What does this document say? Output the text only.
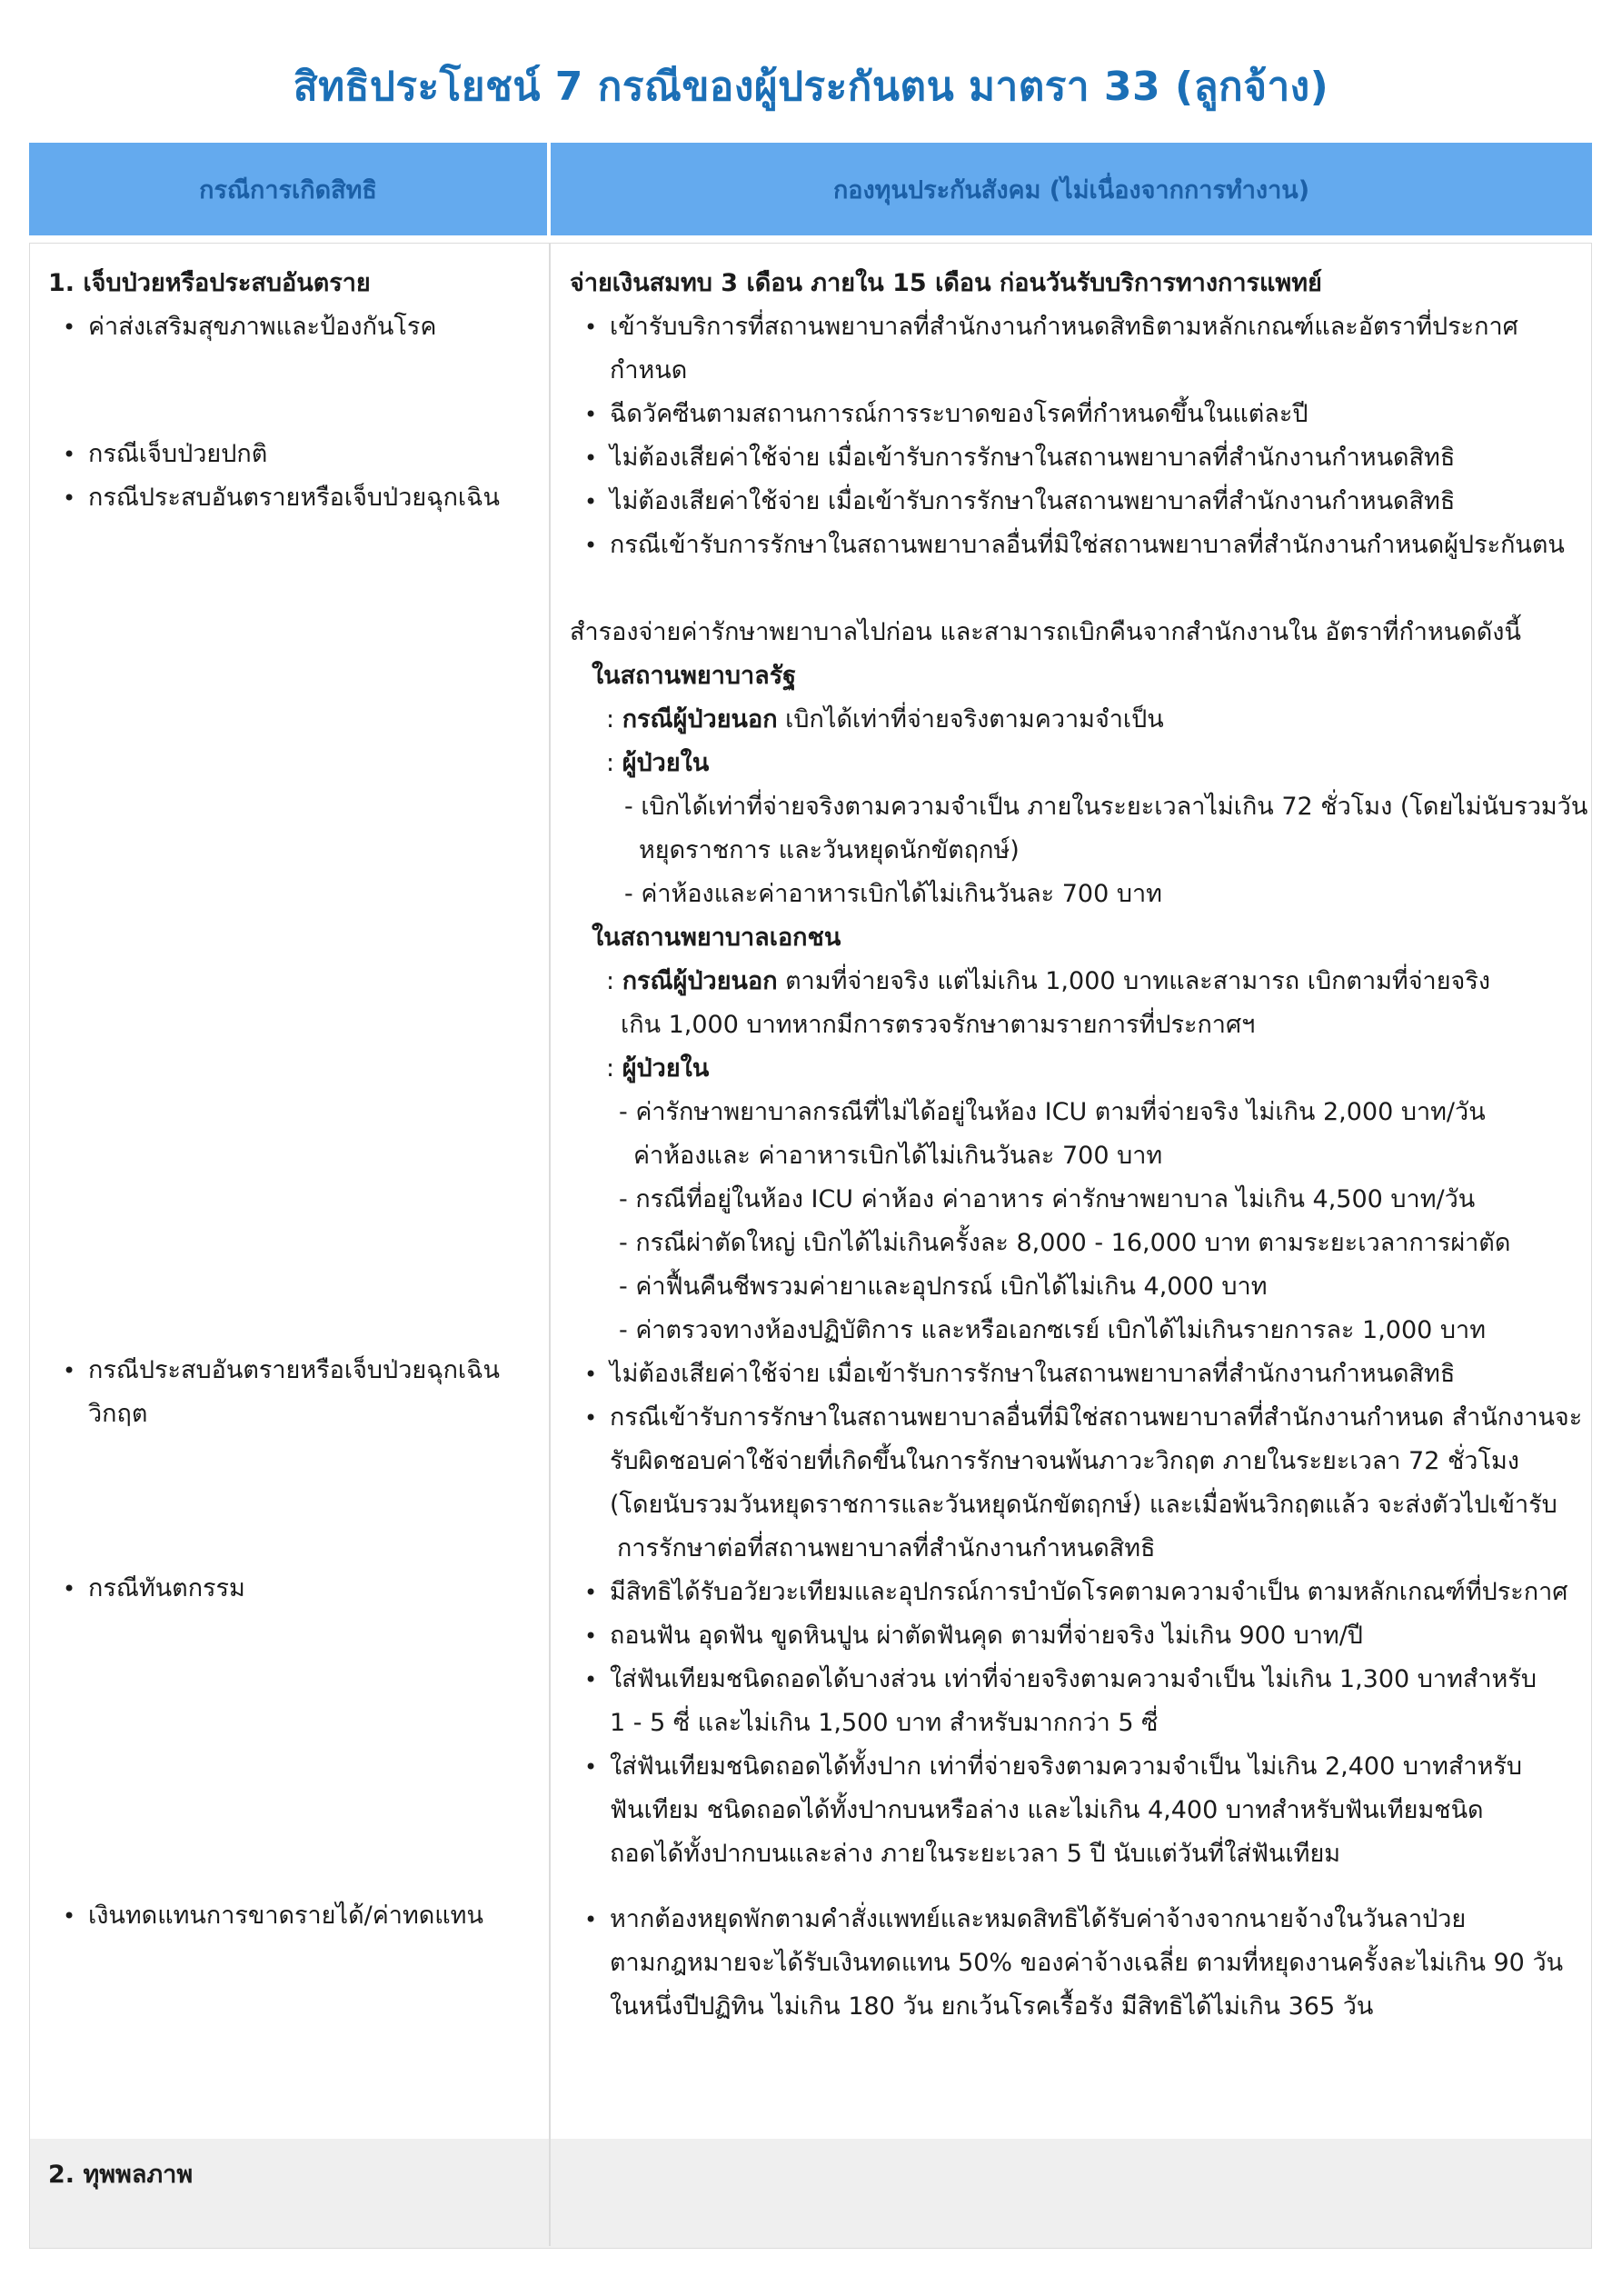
สิทธิประโยชน์ 7 กรณีของผู้ประกันตน มาตรา 33 (ลูกจ้าง)
กรณีการเกิดสิทธิ	กองทุนประกันสังคม (ไม่เนื่องจากการทำงาน)
1. เจ็บป่วยหรือประสบอันตราย
• ค่าส่งเสริมสุขภาพและป้องกันโรค
• กรณีเจ็บป่วยปกติ
• กรณีประสบอันตรายหรือเจ็บป่วยฉุกเฉิน
• กรณีประสบอันตรายหรือเจ็บป่วยฉุกเฉิน
วิกฤต
• กรณีทันตกรรม
• เงินทดแทนการขาดรายได้/ค่าทดแทน
จ่ายเงินสมทบ 3 เดือน ภายใน 15 เดือน ก่อนวันรับบริการทางการแพทย์
• เข้ารับบริการที่สถานพยาบาลที่สำนักงานกำหนดสิทธิตามหลักเกณฑ์และอัตราที่ประกาศ
กำหนด
• ฉีดวัคซีนตามสถานการณ์การระบาดของโรคที่กำหนดขึ้นในแต่ละปี
• ไม่ต้องเสียค่าใช้จ่าย เมื่อเข้ารับการรักษาในสถานพยาบาลที่สำนักงานกำหนดสิทธิ
• ไม่ต้องเสียค่าใช้จ่าย เมื่อเข้ารับการรักษาในสถานพยาบาลที่สำนักงานกำหนดสิทธิ
• กรณีเข้ารับการรักษาในสถานพยาบาลอื่นที่มิใช่สถานพยาบาลที่สำนักงานกำหนดผู้ประกันตน
สำรองจ่ายค่ารักษาพยาบาลไปก่อน และสามารถเบิกคืนจากสำนักงานใน อัตราที่กำหนดดังนี้
ในสถานพยาบาลรัฐ
: กรณีผู้ป่วยนอก เบิกได้เท่าที่จ่ายจริงตามความจำเป็น
: ผู้ป่วยใน
- เบิกได้เท่าที่จ่ายจริงตามความจำเป็น ภายในระยะเวลาไม่เกิน 72 ชั่วโมง (โดยไม่นับรวมวัน
หยุดราชการ และวันหยุดนักขัตฤกษ์)
- ค่าห้องและค่าอาหารเบิกได้ไม่เกินวันละ 700 บาท
ในสถานพยาบาลเอกชน
: กรณีผู้ป่วยนอก ตามที่จ่ายจริง แต่ไม่เกิน 1,000 บาทและสามารถ เบิกตามที่จ่ายจริง
เกิน 1,000 บาทหากมีการตรวจรักษาตามรายการที่ประกาศฯ
: ผู้ป่วยใน
- ค่ารักษาพยาบาลกรณีที่ไม่ได้อยู่ในห้อง ICU ตามที่จ่ายจริง ไม่เกิน 2,000 บาท/วัน
ค่าห้องและ ค่าอาหารเบิกได้ไม่เกินวันละ 700 บาท
- กรณีที่อยู่ในห้อง ICU ค่าห้อง ค่าอาหาร ค่ารักษาพยาบาล ไม่เกิน 4,500 บาท/วัน
- กรณีผ่าตัดใหญ่ เบิกได้ไม่เกินครั้งละ 8,000 - 16,000 บาท ตามระยะเวลาการผ่าตัด
- ค่าฟื้นคืนชีพรวมค่ายาและอุปกรณ์ เบิกได้ไม่เกิน 4,000 บาท
- ค่าตรวจทางห้องปฏิบัติการ และหรือเอกซเรย์ เบิกได้ไม่เกินรายการละ 1,000 บาท
• ไม่ต้องเสียค่าใช้จ่าย เมื่อเข้ารับการรักษาในสถานพยาบาลที่สำนักงานกำหนดสิทธิ
• กรณีเข้ารับการรักษาในสถานพยาบาลอื่นที่มิใช่สถานพยาบาลที่สำนักงานกำหนด สำนักงานจะ
รับผิดชอบค่าใช้จ่ายที่เกิดขึ้นในการรักษาจนพ้นภาวะวิกฤต ภายในระยะเวลา 72 ชั่วโมง
(โดยนับรวมวันหยุดราชการและวันหยุดนักขัตฤกษ์) และเมื่อพ้นวิกฤตแล้ว จะส่งตัวไปเข้ารับ
การรักษาต่อที่สถานพยาบาลที่สำนักงานกำหนดสิทธิ
• มีสิทธิได้รับอวัยวะเทียมและอุปกรณ์การบำบัดโรคตามความจำเป็น ตามหลักเกณฑ์ที่ประกาศ
• ถอนฟัน อุดฟัน ขูดหินปูน ผ่าตัดฟันคุด ตามที่จ่ายจริง ไม่เกิน 900 บาท/ปี
• ใส่ฟันเทียมชนิดถอดได้บางส่วน เท่าที่จ่ายจริงตามความจำเป็น ไม่เกิน 1,300 บาทสำหรับ
1 - 5 ซี่ และไม่เกิน 1,500 บาท สำหรับมากกว่า 5 ซี่
• ใส่ฟันเทียมชนิดถอดได้ทั้งปาก เท่าที่จ่ายจริงตามความจำเป็น ไม่เกิน 2,400 บาทสำหรับ
ฟันเทียม ชนิดถอดได้ทั้งปากบนหรือล่าง และไม่เกิน 4,400 บาทสำหรับฟันเทียมชนิด
ถอดได้ทั้งปากบนและล่าง ภายในระยะเวลา 5 ปี นับแต่วันที่ใส่ฟันเทียม
• หากต้องหยุดพักตามคำสั่งแพทย์และหมดสิทธิได้รับค่าจ้างจากนายจ้างในวันลาป่วย
ตามกฎหมายจะได้รับเงินทดแทน 50% ของค่าจ้างเฉลี่ย ตามที่หยุดงานครั้งละไม่เกิน 90 วัน
ในหนึ่งปีปฏิทิน ไม่เกิน 180 วัน ยกเว้นโรคเรื้อรัง มีสิทธิได้ไม่เกิน 365 วัน
2. ทุพพลภาพ
